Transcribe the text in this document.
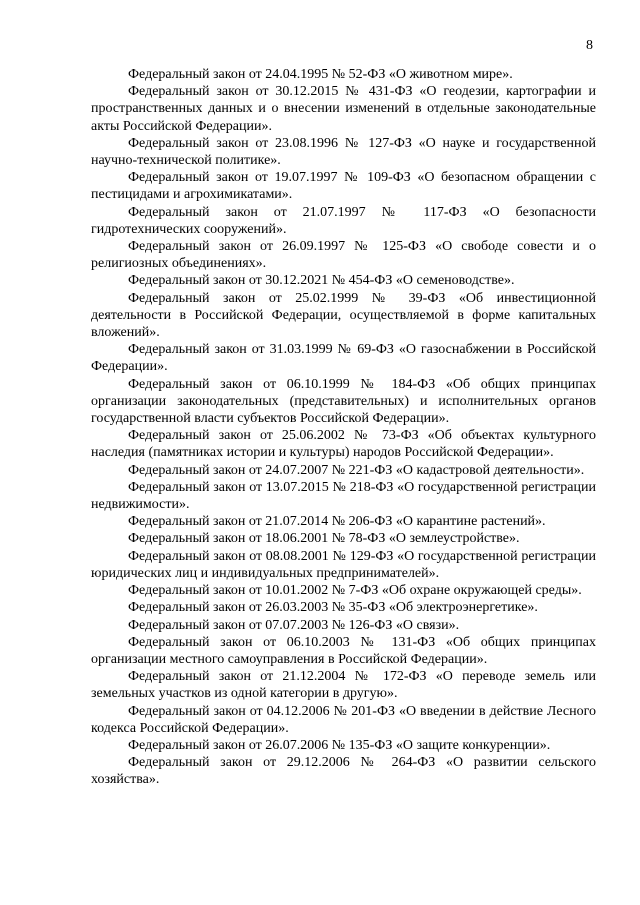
8

Федеральный закон от 24.04.1995 № 52-ФЗ «О животном мире».

Федеральный закон от 30.12.2015 № 431-ФЗ «О геодезии, картографии и пространственных данных и о внесении изменений в отдельные законодательные акты Российской Федерации».

Федеральный закон от 23.08.1996 № 127-ФЗ «О науке и государственной научно-технической политике».

Федеральный закон от 19.07.1997 № 109-ФЗ «О безопасном обращении с пестицидами и агрохимикатами».

Федеральный закон от 21.07.1997 № 117-ФЗ «О безопасности гидротехнических сооружений».

Федеральный закон от 26.09.1997 № 125-ФЗ «О свободе совести и о религиозных объединениях».

Федеральный закон от 30.12.2021 № 454-ФЗ «О семеноводстве».

Федеральный закон от 25.02.1999 № 39-ФЗ «Об инвестиционной деятельности в Российской Федерации, осуществляемой в форме капитальных вложений».

Федеральный закон от 31.03.1999 № 69-ФЗ «О газоснабжении в Российской Федерации».

Федеральный закон от 06.10.1999 № 184-ФЗ «Об общих принципах организации законодательных (представительных) и исполнительных органов государственной власти субъектов Российской Федерации».

Федеральный закон от 25.06.2002 № 73-ФЗ «Об объектах культурного наследия (памятниках истории и культуры) народов Российской Федерации».

Федеральный закон от 24.07.2007 № 221-ФЗ «О кадастровой деятельности».

Федеральный закон от 13.07.2015 № 218-ФЗ «О государственной регистрации недвижимости».

Федеральный закон от 21.07.2014 № 206-ФЗ «О карантине растений».

Федеральный закон от 18.06.2001 № 78-ФЗ «О землеустройстве».

Федеральный закон от 08.08.2001 № 129-ФЗ «О государственной регистрации юридических лиц и индивидуальных предпринимателей».

Федеральный закон от 10.01.2002 № 7-ФЗ «Об охране окружающей среды».

Федеральный закон от 26.03.2003 № 35-ФЗ «Об электроэнергетике».

Федеральный закон от 07.07.2003 № 126-ФЗ «О связи».

Федеральный закон от 06.10.2003 № 131-ФЗ «Об общих принципах организации местного самоуправления в Российской Федерации».

Федеральный закон от 21.12.2004 № 172-ФЗ «О переводе земель или земельных участков из одной категории в другую».

Федеральный закон от 04.12.2006 № 201-ФЗ «О введении в действие Лесного кодекса Российской Федерации».

Федеральный закон от 26.07.2006 № 135-ФЗ «О защите конкуренции».

Федеральный закон от 29.12.2006 № 264-ФЗ «О развитии сельского хозяйства».
